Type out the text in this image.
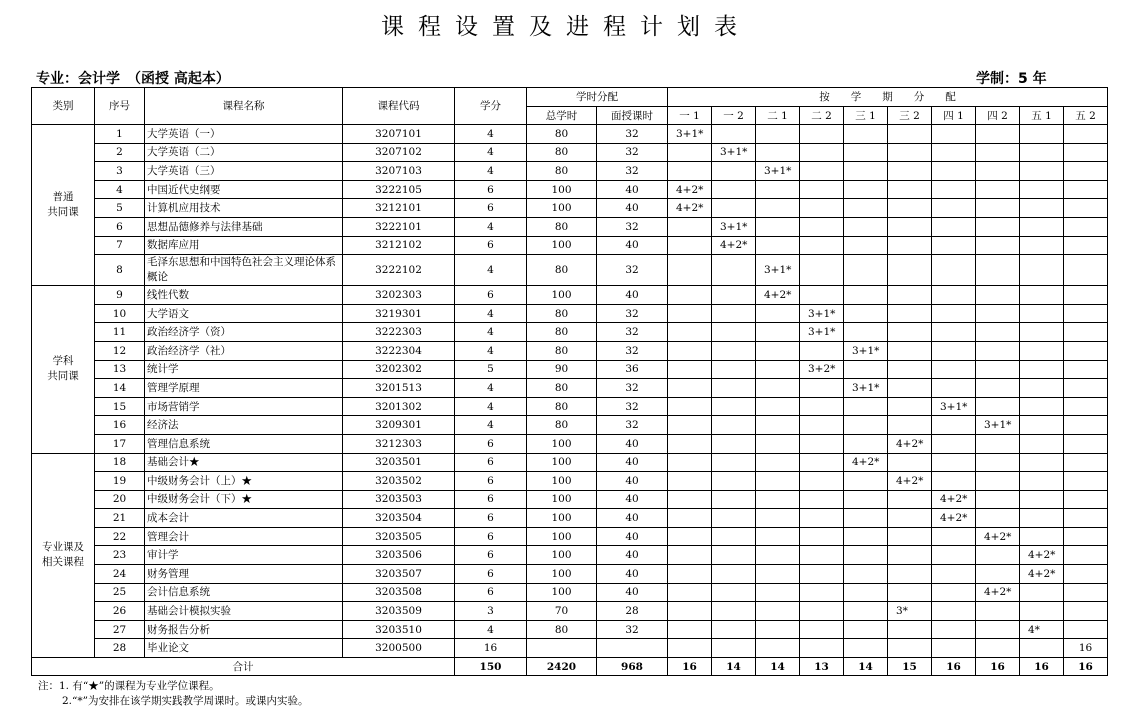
课程设置及进程计划表
专业：会计学　（函授 高起本）	学制：5 年
类别	序号	课程名称	课程代码	学分	学时分配		按　　学　　期　　分　　配									
					总学时	面授课时	一 1	一 2	二 1	二 2	三 1	三 2	四 1	四 2	五 1	五 2
普通
共同课	1	大学英语（一）	3207101	4	80	32	3+1*									
	2	大学英语（二）	3207102	4	80	32		3+1*								
	3	大学英语（三）	3207103	4	80	32			3+1*							
	4	中国近代史纲要	3222105	6	100	40	4+2*									
	5	计算机应用技术	3212101	6	100	40	4+2*									
	6	思想品德修养与法律基础	3222101	4	80	32		3+1*								
	7	数据库应用	3212102	6	100	40		4+2*								
	8	毛泽东思想和中国特色社会主义理论体系概论	3222102	4	80	32			3+1*							
学科
共同课	9	线性代数	3202303	6	100	40			4+2*							
	10	大学语文	3219301	4	80	32				3+1*						
	11	政治经济学（资）	3222303	4	80	32				3+1*						
	12	政治经济学（社）	3222304	4	80	32					3+1*					
	13	统计学	3202302	5	90	36				3+2*						
	14	管理学原理	3201513	4	80	32					3+1*					
	15	市场营销学	3201302	4	80	32							3+1*			
	16	经济法	3209301	4	80	32								3+1*		
	17	管理信息系统	3212303	6	100	40						4+2*				
专业课及
相关课程	18	基础会计★	3203501	6	100	40					4+2*					
	19	中级财务会计（上）★	3203502	6	100	40						4+2*				
	20	中级财务会计（下）★	3203503	6	100	40							4+2*			
	21	成本会计	3203504	6	100	40							4+2*			
	22	管理会计	3203505	6	100	40								4+2*		
	23	审计学	3203506	6	100	40									4+2*	
	24	财务管理	3203507	6	100	40									4+2*	
	25	会计信息系统	3203508	6	100	40								4+2*		
	26	基础会计模拟实验	3203509	3	70	28						3*				
	27	财务报告分析	3203510	4	80	32									4*	
	28	毕业论文	3200500	16												16
合计				150	2420	968	16	14	14	13	14	15	16	16	16	16
注：1. 有“★”的课程为专业学位课程。
2.“*”为安排在该学期实践教学周课时。或课内实验。
